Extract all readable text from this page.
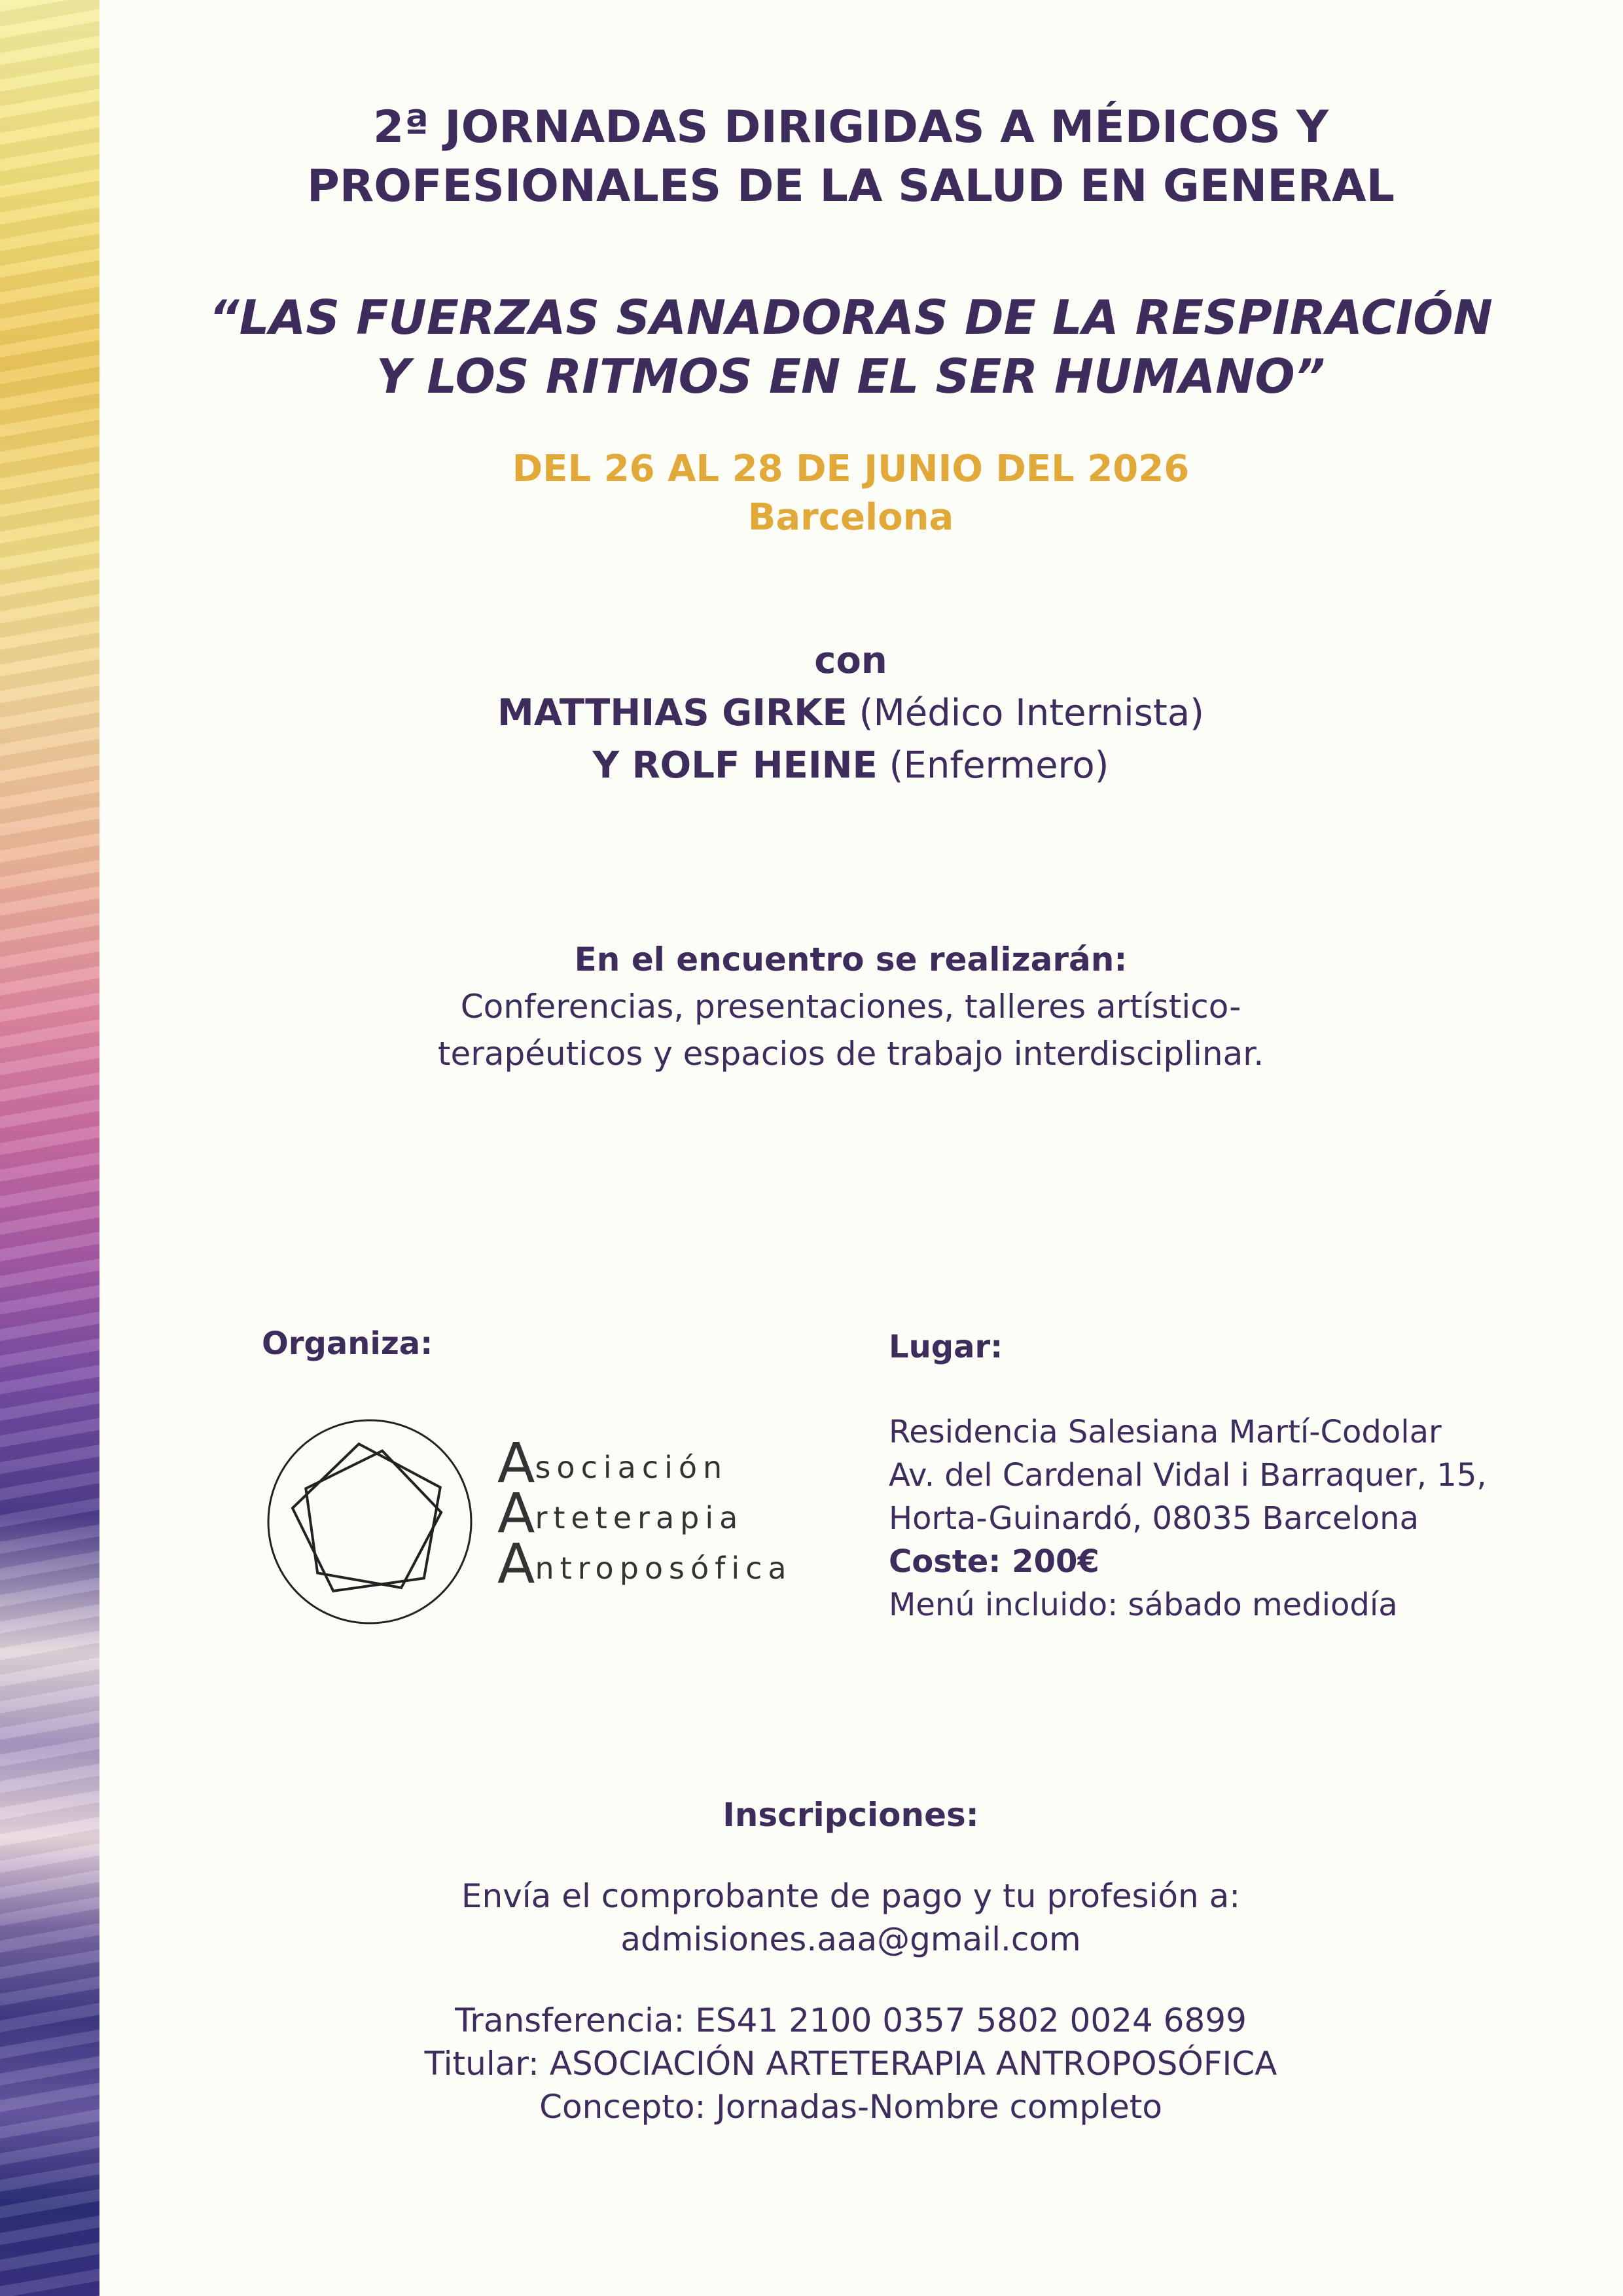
2ª JORNADAS DIRIGIDAS A MÉDICOS Y
PROFESIONALES DE LA SALUD EN GENERAL
“LAS FUERZAS SANADORAS DE LA RESPIRACIÓN
Y LOS RITMOS EN EL SER HUMANO”
DEL 26 AL 28 DE JUNIO DEL 2026
Barcelona
con
MATTHIAS GIRKE (Médico Internista)
Y ROLF HEINE (Enfermero)
En el encuentro se realizarán:
Conferencias, presentaciones, talleres artístico-
terapéuticos y espacios de trabajo interdisciplinar.
Organiza:
Asociación
Arteterapia
Antroposófica
Lugar:
Residencia Salesiana Martí-Codolar
Av. del Cardenal Vidal i Barraquer, 15,
Horta-Guinardó, 08035 Barcelona
Coste: 200€
Menú incluido: sábado mediodía
Inscripciones:
Envía el comprobante de pago y tu profesión a:
admisiones.aaa@gmail.com
Transferencia: ES41 2100 0357 5802 0024 6899
Titular: ASOCIACIÓN ARTETERAPIA ANTROPOSÓFICA
Concepto: Jornadas-Nombre completo
